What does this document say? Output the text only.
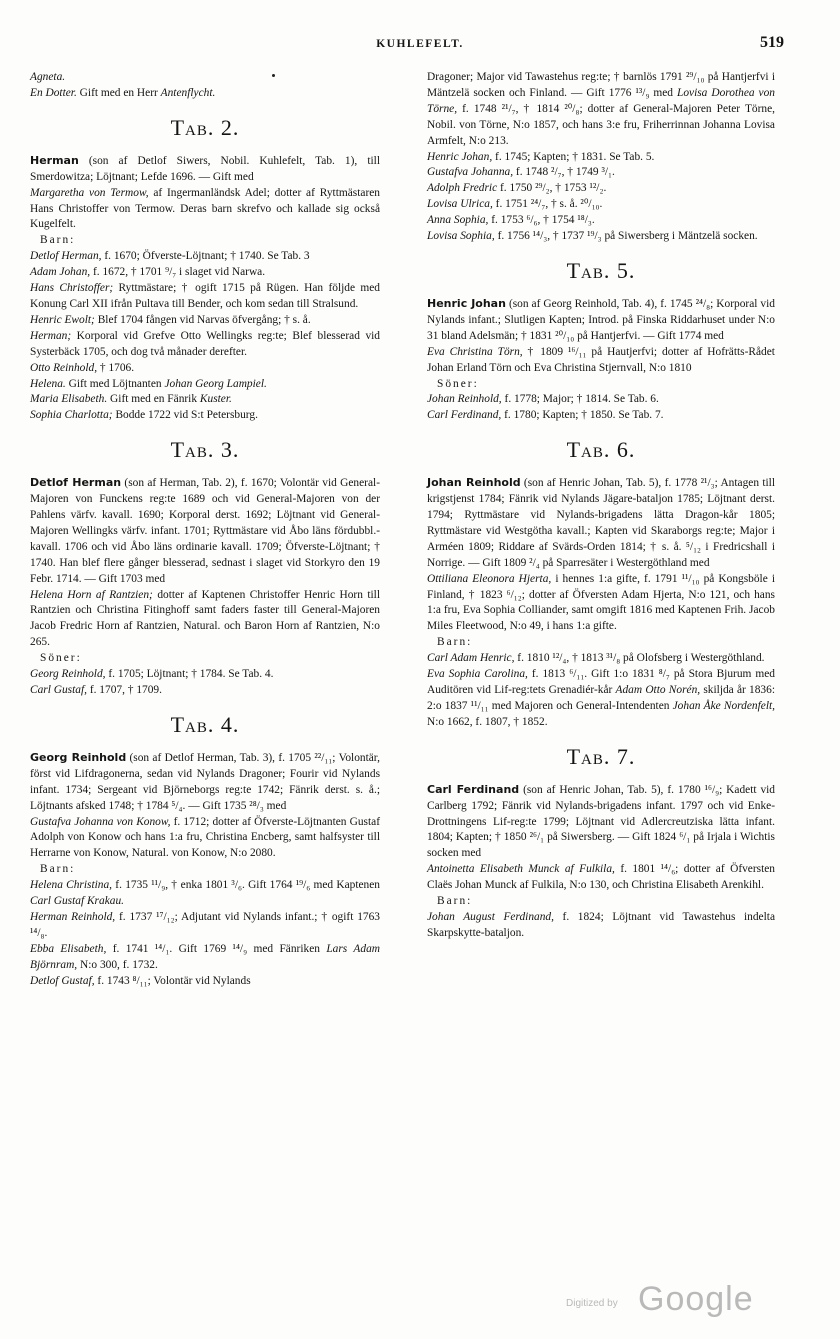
KUHLEFELT.	519

Agneta.

En Dotter. Gift med en Herr Antenflycht.

Tab. 2.

Herman (son af Detlof Siwers, Nobil. Kuhlefelt, Tab. 1), till Smerdowitza; Löjtnant; Lefde 1696. — Gift med

Margaretha von Termow, af Ingermanländsk Adel; dotter af Ryttmästaren Hans Christoffer von Termow. Deras barn skrefvo och kallade sig också Kugelfelt.

Barn:

Detlof Herman, f. 1670; Öfverste-Löjtnant; † 1740. Se Tab. 3

Adam Johan, f. 1672, † 1701 ⁹/₇ i slaget vid Narwa.

Hans Christoffer; Ryttmästare; † ogift 1715 på Rügen. Han följde med Konung Carl XII ifrån Pultava till Bender, och kom sedan till Stralsund.

Henric Ewolt; Blef 1704 fången vid Narvas öfvergång; † s. å.

Herman; Korporal vid Grefve Otto Wellingks reg:te; Blef blesserad vid Systerbäck 1705, och dog två månader derefter.

Otto Reinhold, † 1706.

Helena. Gift med Löjtnanten Johan Georg Lampiel.

Maria Elisabeth. Gift med en Fänrik Kuster.

Sophia Charlotta; Bodde 1722 vid S:t Petersburg.

Tab. 3.

Detlof Herman (son af Herman, Tab. 2), f. 1670; Volontär vid General-Majoren von Funckens reg:te 1689 och vid General-Majoren von der Pahlens värfv. kavall. 1690; Korporal derst. 1692; Löjtnant vid General-Majoren Wellingks värfv. infant. 1701; Ryttmästare vid Åbo läns fördubbl.-kavall. 1706 och vid Åbo läns ordinarie kavall. 1709; Öfverste-Löjtnant; † 1740. Han blef flere gånger blesserad, sednast i slaget vid Storkyro den 19 Febr. 1714. — Gift 1703 med

Helena Horn af Rantzien; dotter af Kaptenen Christoffer Henric Horn till Rantzien och Christina Fitinghoff samt faders faster till General-Majoren Jacob Fredric Horn af Rantzien, Natural. och Baron Horn af Rantzien, N:o 265.

Söner:

Georg Reinhold, f. 1705; Löjtnant; † 1784. Se Tab. 4.

Carl Gustaf, f. 1707, † 1709.

Tab. 4.

Georg Reinhold (son af Detlof Herman, Tab. 3), f. 1705 ²²/₁₁; Volontär, först vid Lifdragonerna, sedan vid Nylands Dragoner; Fourir vid Nylands infant. 1734; Sergeant vid Björneborgs reg:te 1742; Fänrik derst. s. å.; Löjtnants afsked 1748; † 1784 ⁵/₄. — Gift 1735 ²⁸/₃ med

Gustafva Johanna von Konow, f. 1712; dotter af Öfverste-Löjtnanten Gustaf Adolph von Konow och hans 1:a fru, Christina Encberg, samt halfsyster till Herrarne von Konow, Natural. von Konow, N:o 2080.

Barn:

Helena Christina, f. 1735 ¹¹/₉, † enka 1801 ³/₆. Gift 1764 ¹⁹/₆ med Kaptenen Carl Gustaf Krakau.

Herman Reinhold, f. 1737 ¹⁷/₁₂; Adjutant vid Nylands infant.; † ogift 1763 ¹⁴/₈.

Ebba Elisabeth, f. 1741 ¹⁴/₁. Gift 1769 ¹⁴/₉ med Fänriken Lars Adam Björnram, N:o 300, f. 1732.

Detlof Gustaf, f. 1743 ⁸/₁₁; Volontär vid Nylands

Dragoner; Major vid Tawastehus reg:te; † barnlös 1791 ²⁹/₁₀ på Hantjerfvi i Mäntzelä socken och Finland. — Gift 1776 ¹³/₉ med Lovisa Dorothea von Törne, f. 1748 ²¹/₇, † 1814 ²⁰/₈; dotter af General-Majoren Peter Törne, Nobil. von Törne, N:o 1857, och hans 3:e fru, Friherrinnan Johanna Lovisa Armfelt, N:o 213.

Henric Johan, f. 1745; Kapten; † 1831. Se Tab. 5.

Gustafva Johanna, f. 1748 ²/₇, † 1749 ³/₁.

Adolph Fredric f. 1750 ²⁹/₂, † 1753 ¹²/₂.

Lovisa Ulrica, f. 1751 ²⁴/₇, † s. å. ²⁰/₁₀.

Anna Sophia, f. 1753 ⁶/₆, † 1754 ¹⁸/₃.

Lovisa Sophia, f. 1756 ¹⁴/₃, † 1737 ¹⁹/₃ på Siwersberg i Mäntzelä socken.

Tab. 5.

Henric Johan (son af Georg Reinhold, Tab. 4), f. 1745 ²⁴/₈; Korporal vid Nylands infant.; Slutligen Kapten; Introd. på Finska Riddarhuset under N:o 31 bland Adelsmän; † 1831 ²⁰/₁₀ på Hantjerfvi. — Gift 1774 med

Eva Christina Törn, † 1809 ¹⁶/₁₁ på Hautjerfvi; dotter af Hofrätts-Rådet Johan Erland Törn och Eva Christina Stjernvall, N:o 1810

Söner:

Johan Reinhold, f. 1778; Major; † 1814. Se Tab. 6.

Carl Ferdinand, f. 1780; Kapten; † 1850. Se Tab. 7.

Tab. 6.

Johan Reinhold (son af Henric Johan, Tab. 5), f. 1778 ²¹/₃; Antagen till krigstjenst 1784; Fänrik vid Nylands Jägare-bataljon 1785; Löjtnant derst. 1794; Ryttmästare vid Nylands-brigadens lätta Dragon-kår 1805; Ryttmästare vid Westgötha kavall.; Kapten vid Skaraborgs reg:te; Major i Arméen 1809; Riddare af Svärds-Orden 1814; † s. å. ⁵/₁₂ i Fredricshall i Norrige. — Gift 1809 ²/₄ på Sparresäter i Westergöthland med

Ottiliana Eleonora Hjerta, i hennes 1:a gifte, f. 1791 ¹¹/₁₀ på Kongsböle i Finland, † 1823 ⁶/₁₂; dotter af Öfversten Adam Hjerta, N:o 121, och hans 1:a fru, Eva Sophia Colliander, samt omgift 1816 med Kaptenen Frih. Jacob Miles Fleetwood, N:o 49, i hans 1:a gifte.

Barn:

Carl Adam Henric, f. 1810 ¹²/₄, † 1813 ³¹/₈ på Olofsberg i Westergöthland.

Eva Sophia Carolina, f. 1813 ⁶/₁₁. Gift 1:o 1831 ⁸/₇ på Stora Bjurum med Auditören vid Lif-reg:tets Grenadiér-kår Adam Otto Norén, skiljda år 1836: 2:o 1837 ¹¹/₁₁ med Majoren och General-Intendenten Johan Åke Nordenfelt, N:o 1662, f. 1807, † 1852.

Tab. 7.

Carl Ferdinand (son af Henric Johan, Tab. 5), f. 1780 ¹⁶/₉; Kadett vid Carlberg 1792; Fänrik vid Nylands-brigadens infant. 1797 och vid Enke-Drottningens Lif-reg:te 1799; Löjtnant vid Adlercreutziska lätta infant. 1804; Kapten; † 1850 ²⁶/₁ på Siwersberg. — Gift 1824 ⁶/₁ på Irjala i Wichtis socken med

Antoinetta Elisabeth Munck af Fulkila, f. 1801 ¹⁴/₆; dotter af Öfversten Claës Johan Munck af Fulkila, N:o 130, och Christina Elisabeth Arenkihl.

Barn:

Johan August Ferdinand, f. 1824; Löjtnant vid Tawastehus indelta Skarpskytte-bataljon.

Digitized by Google
